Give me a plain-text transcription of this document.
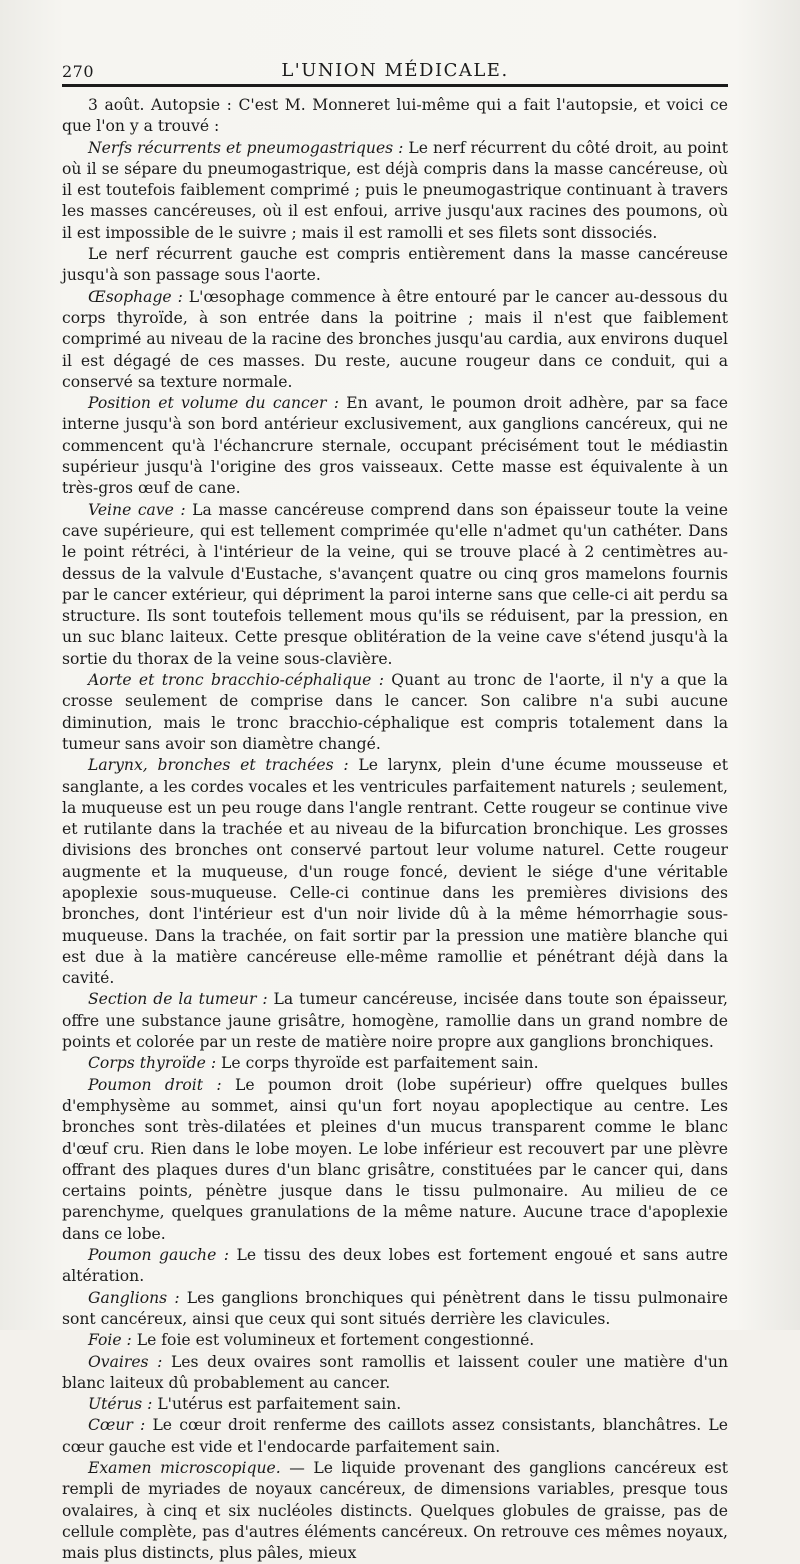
270	L'UNION MÉDICALE.

3 août. Autopsie : C'est M. Monneret lui-même qui a fait l'autopsie, et voici ce que l'on y a trouvé :

Nerfs récurrents et pneumogastriques : Le nerf récurrent du côté droit, au point où il se sépare du pneumogastrique, est déjà compris dans la masse cancéreuse, où il est toutefois faiblement comprimé ; puis le pneumogastrique continuant à travers les masses cancéreuses, où il est enfoui, arrive jusqu'aux racines des poumons, où il est impossible de le suivre ; mais il est ramolli et ses filets sont dissociés.

Le nerf récurrent gauche est compris entièrement dans la masse cancéreuse jusqu'à son passage sous l'aorte.

Œsophage : L'œsophage commence à être entouré par le cancer au-dessous du corps thyroïde, à son entrée dans la poitrine ; mais il n'est que faiblement comprimé au niveau de la racine des bronches jusqu'au cardia, aux environs duquel il est dégagé de ces masses. Du reste, aucune rougeur dans ce conduit, qui a conservé sa texture normale.

Position et volume du cancer : En avant, le poumon droit adhère, par sa face interne jusqu'à son bord antérieur exclusivement, aux ganglions cancéreux, qui ne commencent qu'à l'échancrure sternale, occupant précisément tout le médiastin supérieur jusqu'à l'origine des gros vaisseaux. Cette masse est équivalente à un très-gros œuf de cane.

Veine cave : La masse cancéreuse comprend dans son épaisseur toute la veine cave supérieure, qui est tellement comprimée qu'elle n'admet qu'un cathéter. Dans le point rétréci, à l'intérieur de la veine, qui se trouve placé à 2 centimètres au-dessus de la valvule d'Eustache, s'avançent quatre ou cinq gros mamelons fournis par le cancer extérieur, qui dépriment la paroi interne sans que celle-ci ait perdu sa structure. Ils sont toutefois tellement mous qu'ils se réduisent, par la pression, en un suc blanc laiteux. Cette presque oblitération de la veine cave s'étend jusqu'à la sortie du thorax de la veine sous-clavière.

Aorte et tronc bracchio-céphalique : Quant au tronc de l'aorte, il n'y a que la crosse seulement de comprise dans le cancer. Son calibre n'a subi aucune diminution, mais le tronc bracchio-céphalique est compris totalement dans la tumeur sans avoir son diamètre changé.

Larynx, bronches et trachées : Le larynx, plein d'une écume mousseuse et sanglante, a les cordes vocales et les ventricules parfaitement naturels ; seulement, la muqueuse est un peu rouge dans l'angle rentrant. Cette rougeur se continue vive et rutilante dans la trachée et au niveau de la bifurcation bronchique. Les grosses divisions des bronches ont conservé partout leur volume naturel. Cette rougeur augmente et la muqueuse, d'un rouge foncé, devient le siége d'une véritable apoplexie sous-muqueuse. Celle-ci continue dans les premières divisions des bronches, dont l'intérieur est d'un noir livide dû à la même hémorrhagie sous-muqueuse. Dans la trachée, on fait sortir par la pression une matière blanche qui est due à la matière cancéreuse elle-même ramollie et pénétrant déjà dans la cavité.

Section de la tumeur : La tumeur cancéreuse, incisée dans toute son épaisseur, offre une substance jaune grisâtre, homogène, ramollie dans un grand nombre de points et colorée par un reste de matière noire propre aux ganglions bronchiques.

Corps thyroïde : Le corps thyroïde est parfaitement sain.

Poumon droit : Le poumon droit (lobe supérieur) offre quelques bulles d'emphysème au sommet, ainsi qu'un fort noyau apoplectique au centre. Les bronches sont très-dilatées et pleines d'un mucus transparent comme le blanc d'œuf cru. Rien dans le lobe moyen. Le lobe inférieur est recouvert par une plèvre offrant des plaques dures d'un blanc grisâtre, constituées par le cancer qui, dans certains points, pénètre jusque dans le tissu pulmonaire. Au milieu de ce parenchyme, quelques granulations de la même nature. Aucune trace d'apoplexie dans ce lobe.

Poumon gauche : Le tissu des deux lobes est fortement engoué et sans autre altération.

Ganglions : Les ganglions bronchiques qui pénètrent dans le tissu pulmonaire sont cancéreux, ainsi que ceux qui sont situés derrière les clavicules.

Foie : Le foie est volumineux et fortement congestionné.

Ovaires : Les deux ovaires sont ramollis et laissent couler une matière d'un blanc laiteux dû probablement au cancer.

Utérus : L'utérus est parfaitement sain.

Cœur : Le cœur droit renferme des caillots assez consistants, blanchâtres. Le cœur gauche est vide et l'endocarde parfaitement sain.

Examen microscopique. — Le liquide provenant des ganglions cancéreux est rempli de myriades de noyaux cancéreux, de dimensions variables, presque tous ovalaires, à cinq et six nucléoles distincts. Quelques globules de graisse, pas de cellule complète, pas d'autres éléments cancéreux. On retrouve ces mêmes noyaux, mais plus distincts, plus pâles, mieux
